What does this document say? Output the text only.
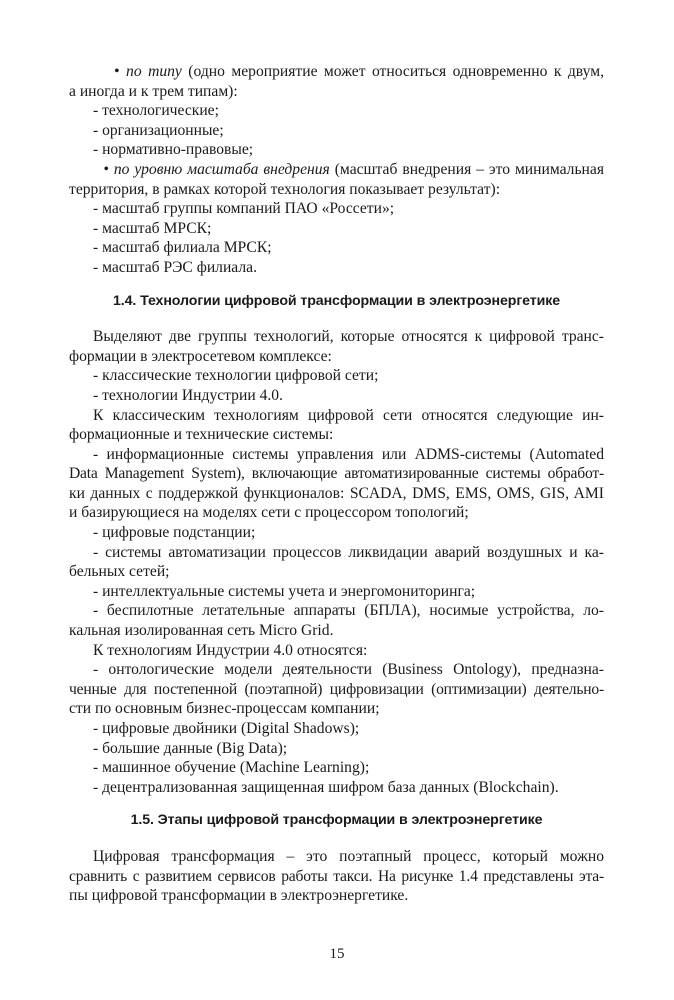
• по типу (одно мероприятие может относиться одновременно к двум,
а иногда и к трем типам):
- технологические;
- организационные;
- нормативно-правовые;
• по уровню масштаба внедрения (масштаб внедрения – это минимальная
территория, в рамках которой технология показывает результат):
- масштаб группы компаний ПАО «Россети»;
- масштаб МРСК;
- масштаб филиала МРСК;
- масштаб РЭС филиала.
1.4. Технологии цифровой трансформации в электроэнергетике
Выделяют две группы технологий, которые относятся к цифровой транс-
формации в электросетевом комплексе:
- классические технологии цифровой сети;
- технологии Индустрии 4.0.
К классическим технологиям цифровой сети относятся следующие ин-
формационные и технические системы:
- информационные системы управления или ADMS-системы (Automated
Data Management System), включающие автоматизированные системы обработ-
ки данных с поддержкой функционалов: SCADA, DMS, EMS, OMS, GIS, AMI
и базирующиеся на моделях сети с процессором топологий;
- цифровые подстанции;
- системы автоматизации процессов ликвидации аварий воздушных и ка-
бельных сетей;
- интеллектуальные системы учета и энергомониторинга;
- беспилотные летательные аппараты (БПЛА), носимые устройства, ло-
кальная изолированная сеть Micro Grid.
К технологиям Индустрии 4.0 относятся:
- онтологические модели деятельности (Business Ontology), предназна-
ченные для постепенной (поэтапной) цифровизации (оптимизации) деятельно-
сти по основным бизнес-процессам компании;
- цифровые двойники (Digital Shadows);
- большие данные (Big Data);
- машинное обучение (Machine Learning);
- децентрализованная защищенная шифром база данных (Blockchain).
1.5. Этапы цифровой трансформации в электроэнергетике
Цифровая трансформация – это поэтапный процесс, который можно
сравнить с развитием сервисов работы такси. На рисунке 1.4 представлены эта-
пы цифровой трансформации в электроэнергетике.
15
